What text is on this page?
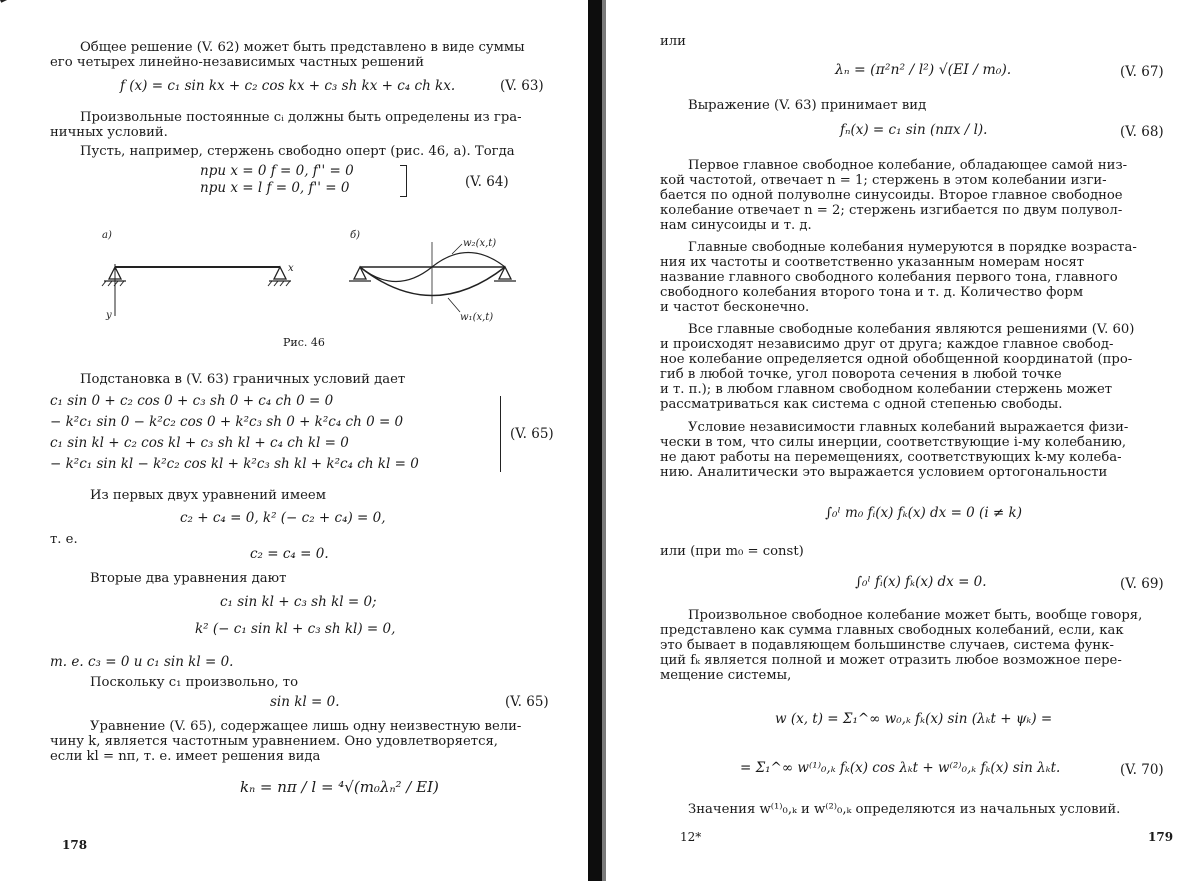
Общее решение (V. 62) может быть представлено в виде суммы
его четырех линейно-независимых частных решений
f (x) = c₁ sin kx + c₂ cos kx + c₃ sh kx + c₄ ch kx.	(V. 63)
Произвольные постоянные cᵢ должны быть определены из гра-
ничных условий.
Пусть, например, стержень свободно оперт (рис. 46, а). Тогда
при x = 0 f = 0, f'' = 0
при x = l f = 0, f'' = 0	(V. 64)
а)	б)
x
y
w₂(x,t)
w₁(x,t)
Рис. 46
Подстановка в (V. 63) граничных условий дает
c₁ sin 0 + c₂ cos 0 + c₃ sh 0 + c₄ ch 0 = 0
− k²c₁ sin 0 − k²c₂ cos 0 + k²c₃ sh 0 + k²c₄ ch 0 = 0
c₁ sin kl + c₂ cos kl + c₃ sh kl + c₄ ch kl = 0
− k²c₁ sin kl − k²c₂ cos kl + k²c₃ sh kl + k²c₄ ch kl = 0
(V. 65)
Из первых двух уравнений имеем
c₂ + c₄ = 0, k² (− c₂ + c₄) = 0,
т. е.
c₂ = c₄ = 0.
Вторые два уравнения дают
c₁ sin kl + c₃ sh kl = 0;
k² (− c₁ sin kl + c₃ sh kl) = 0,
т. е. c₃ = 0 и c₁ sin kl = 0.
Поскольку c₁ произвольно, то
sin kl = 0.	(V. 65)
Уравнение (V. 65), содержащее лишь одну неизвестную вели-
чину k, является частотным уравнением. Оно удовлетворяется,
если kl = nπ, т. е. имеет решения вида
kₙ = nπ / l = ⁴√(m₀λₙ² / EI)
178
или
λₙ = (π²n² / l²) √(EI / m₀).	(V. 67)
Выражение (V. 63) принимает вид
fₙ(x) = c₁ sin (nπx / l).	(V. 68)
Первое главное свободное колебание, обладающее самой низ-
кой частотой, отвечает n = 1; стержень в этом колебании изги-
бается по одной полуволне синусоиды. Второе главное свободное
колебание отвечает n = 2; стержень изгибается по двум полувол-
нам синусоиды и т. д.
Главные свободные колебания нумеруются в порядке возраста-
ния их частоты и соответственно указанным номерам носят
название главного свободного колебания первого тона, главного
свободного колебания второго тона и т. д. Количество форм
и частот бесконечно.
Все главные свободные колебания являются решениями (V. 60)
и происходят независимо друг от друга; каждое главное свобод-
ное колебание определяется одной обобщенной координатой (про-
гиб в любой точке, угол поворота сечения в любой точке
и т. п.); в любом главном свободном колебании стержень может
рассматриваться как система с одной степенью свободы.
Условие независимости главных колебаний выражается физи-
чески в том, что силы инерции, соответствующие i-му колебанию,
не дают работы на перемещениях, соответствующих k-му колеба-
нию. Аналитически это выражается условием ортогональности
∫₀ˡ m₀ fᵢ(x) fₖ(x) dx = 0 (i ≠ k)
или (при m₀ = const)
∫₀ˡ fᵢ(x) fₖ(x) dx = 0.	(V. 69)
Произвольное свободное колебание может быть, вообще говоря,
представлено как сумма главных свободных колебаний, если, как
это бывает в подавляющем большинстве случаев, система функ-
ций fₖ является полной и может отразить любое возможное пере-
мещение системы,
w (x, t) = Σ₁^∞ w₀,ₖ fₖ(x) sin (λₖt + ψₖ) =
= Σ₁^∞ w⁽¹⁾₀,ₖ fₖ(x) cos λₖt + w⁽²⁾₀,ₖ fₖ(x) sin λₖt.	(V. 70)
Значения w⁽¹⁾₀,ₖ и w⁽²⁾₀,ₖ определяются из начальных условий.
12*	179
